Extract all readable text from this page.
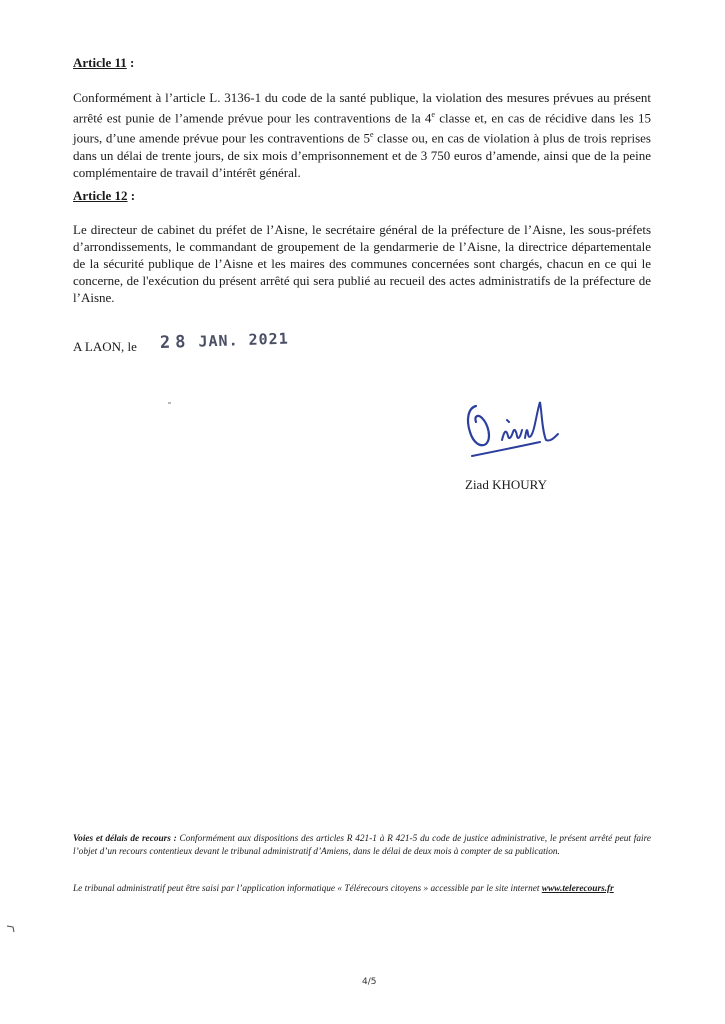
Article 11 :

Conformément à l’article L. 3136-1 du code de la santé publique, la violation des mesures prévues au présent arrêté est punie de l’amende prévue pour les contraventions de la 4e classe et, en cas de récidive dans les 15 jours, d’une amende prévue pour les contraventions de 5e classe ou, en cas de violation à plus de trois reprises dans un délai de trente jours, de six mois d’emprisonnement et de 3 750 euros d’amende, ainsi que de la peine complémentaire de travail d’intérêt général.

Article 12 :

Le directeur de cabinet du préfet de l’Aisne, le secrétaire général de la préfecture de l’Aisne, les sous-préfets d’arrondissements, le commandant de groupement de la gendarmerie de l’Aisne, la directrice départementale de la sécurité publique de l’Aisne et les maires des communes concernées sont chargés, chacun en ce qui le concerne, de l'exécution du présent arrêté qui sera publié au recueil des actes administratifs de la préfecture de l’Aisne.

A LAON, le 28 JAN. 2021
Ziad KHOURY

Voies et délais de recours : Conformément aux dispositions des articles R 421-1 à R 421-5 du code de justice administrative, le présent arrêté peut faire l’objet d’un recours contentieux devant le tribunal administratif d’Amiens, dans le délai de deux mois à compter de sa publication.

Le tribunal administratif peut être saisi par l’application informatique « Télérecours citoyens » accessible par le site internet www.telerecours.fr

4/5
